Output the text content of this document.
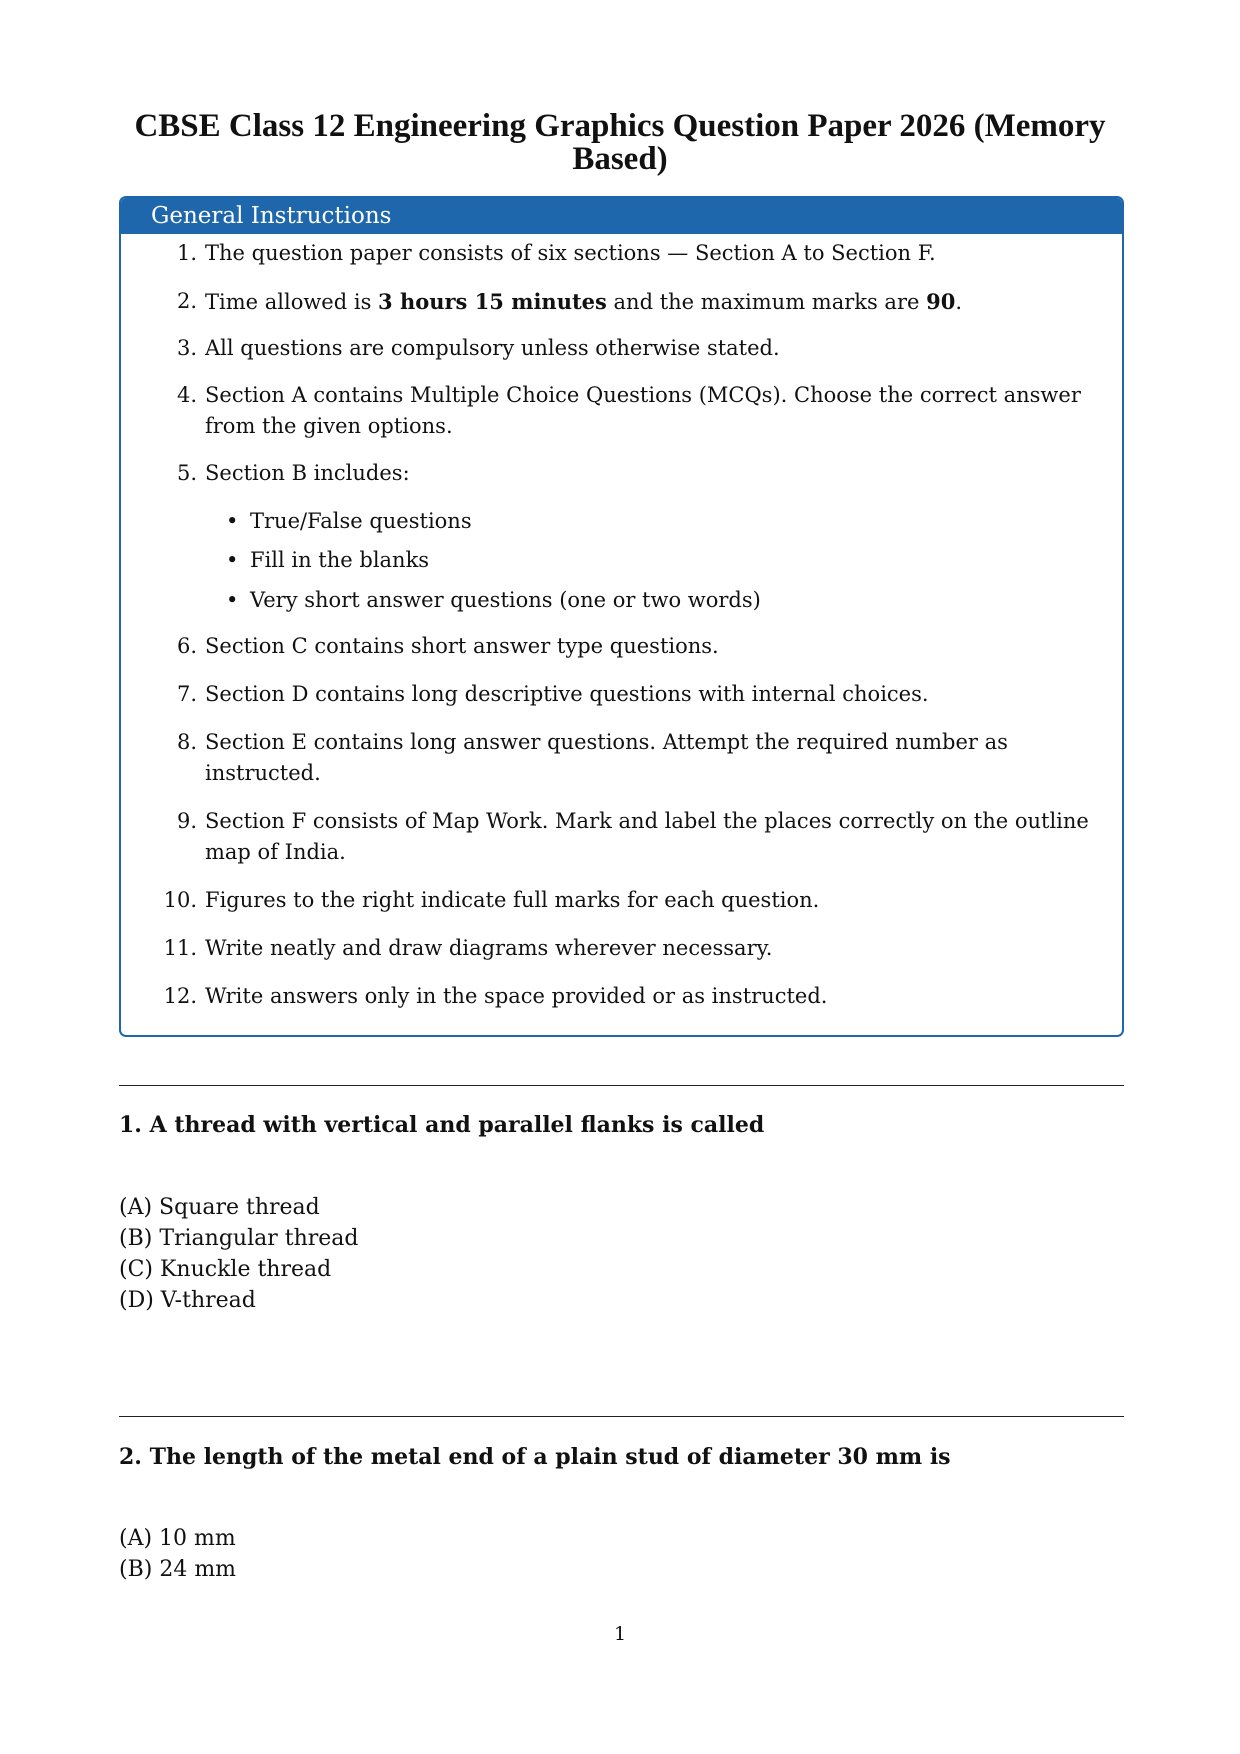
CBSE Class 12 Engineering Graphics Question Paper 2026 (Memory Based)
General Instructions
1. The question paper consists of six sections — Section A to Section F.
2. Time allowed is 3 hours 15 minutes and the maximum marks are 90.
3. All questions are compulsory unless otherwise stated.
4. Section A contains Multiple Choice Questions (MCQs). Choose the correct answer from the given options.
5. Section B includes:
• True/False questions
• Fill in the blanks
• Very short answer questions (one or two words)
6. Section C contains short answer type questions.
7. Section D contains long descriptive questions with internal choices.
8. Section E contains long answer questions. Attempt the required number as instructed.
9. Section F consists of Map Work. Mark and label the places correctly on the outline map of India.
10. Figures to the right indicate full marks for each question.
11. Write neatly and draw diagrams wherever necessary.
12. Write answers only in the space provided or as instructed.
1. A thread with vertical and parallel flanks is called
(A) Square thread
(B) Triangular thread
(C) Knuckle thread
(D) V-thread
2. The length of the metal end of a plain stud of diameter 30 mm is
(A) 10 mm
(B) 24 mm
1
